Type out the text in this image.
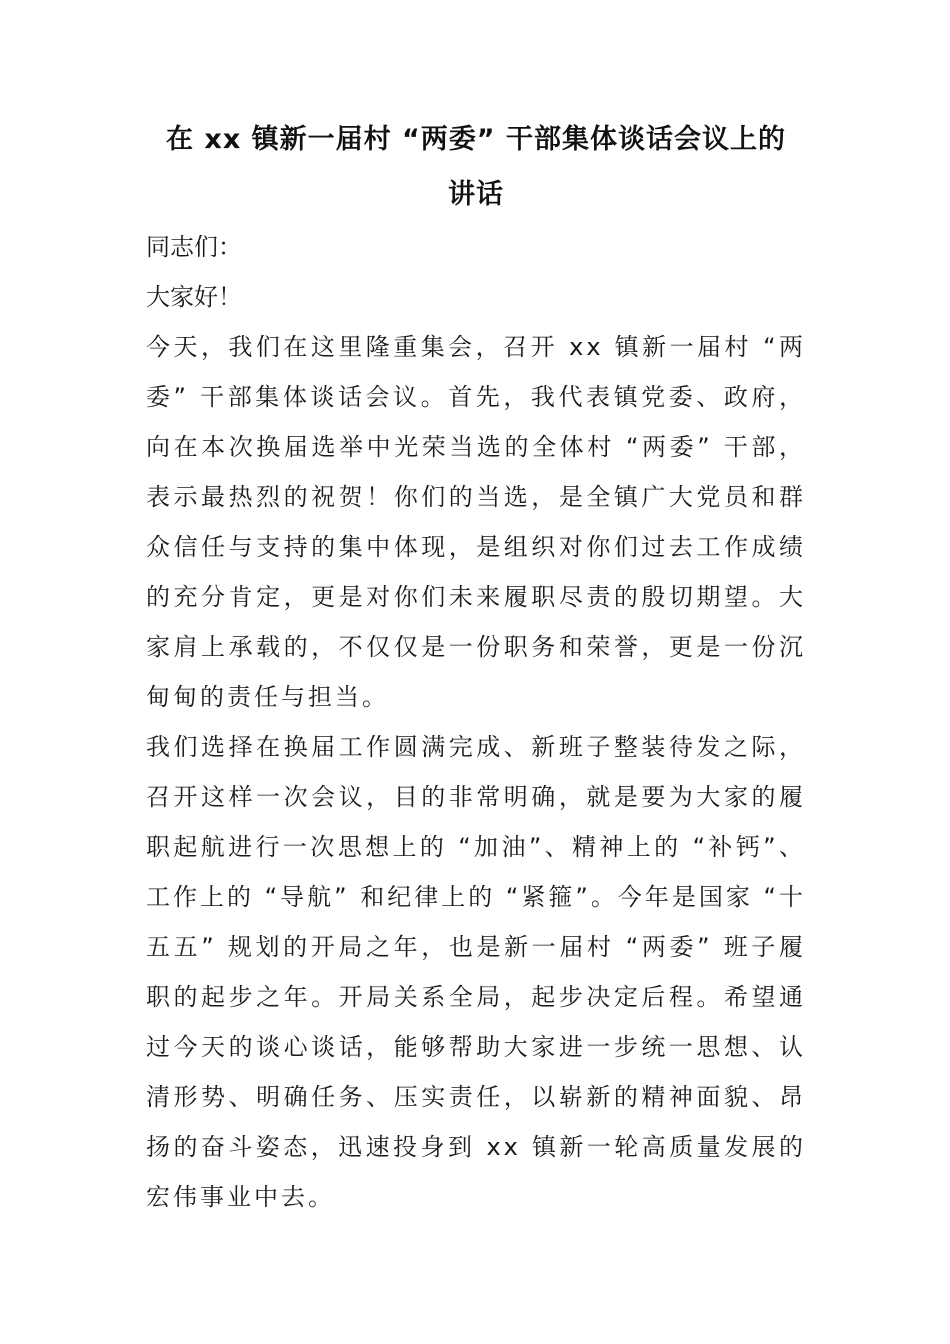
在 xx 镇新一届村 “两委” 干部集体谈话会议上的
讲话

同志们：

大家好！

今天，我们在这里隆重集会，召开 xx 镇新一届村 “两委” 干部集体谈话会议。首先，我代表镇党委、政府，向在本次换届选举中光荣当选的全体村 “两委” 干部，表示最热烈的祝贺！你们的当选，是全镇广大党员和群众信任与支持的集中体现，是组织对你们过去工作成绩的充分肯定，更是对你们未来履职尽责的殷切期望。大家肩上承载的，不仅仅是一份职务和荣誉，更是一份沉甸甸的责任与担当。

我们选择在换届工作圆满完成、新班子整装待发之际，召开这样一次会议，目的非常明确，就是要为大家的履职起航进行一次思想上的 “加油”、精神上的 “补钙”、工作上的 “导航” 和纪律上的 “紧箍”。今年是国家 “十五五” 规划的开局之年，也是新一届村 “两委” 班子履职的起步之年。开局关系全局，起步决定后程。希望通过今天的谈心谈话，能够帮助大家进一步统一思想、认清形势、明确任务、压实责任，以崭新的精神面貌、昂扬的奋斗姿态，迅速投身到 xx 镇新一轮高质量发展的宏伟事业中去。
